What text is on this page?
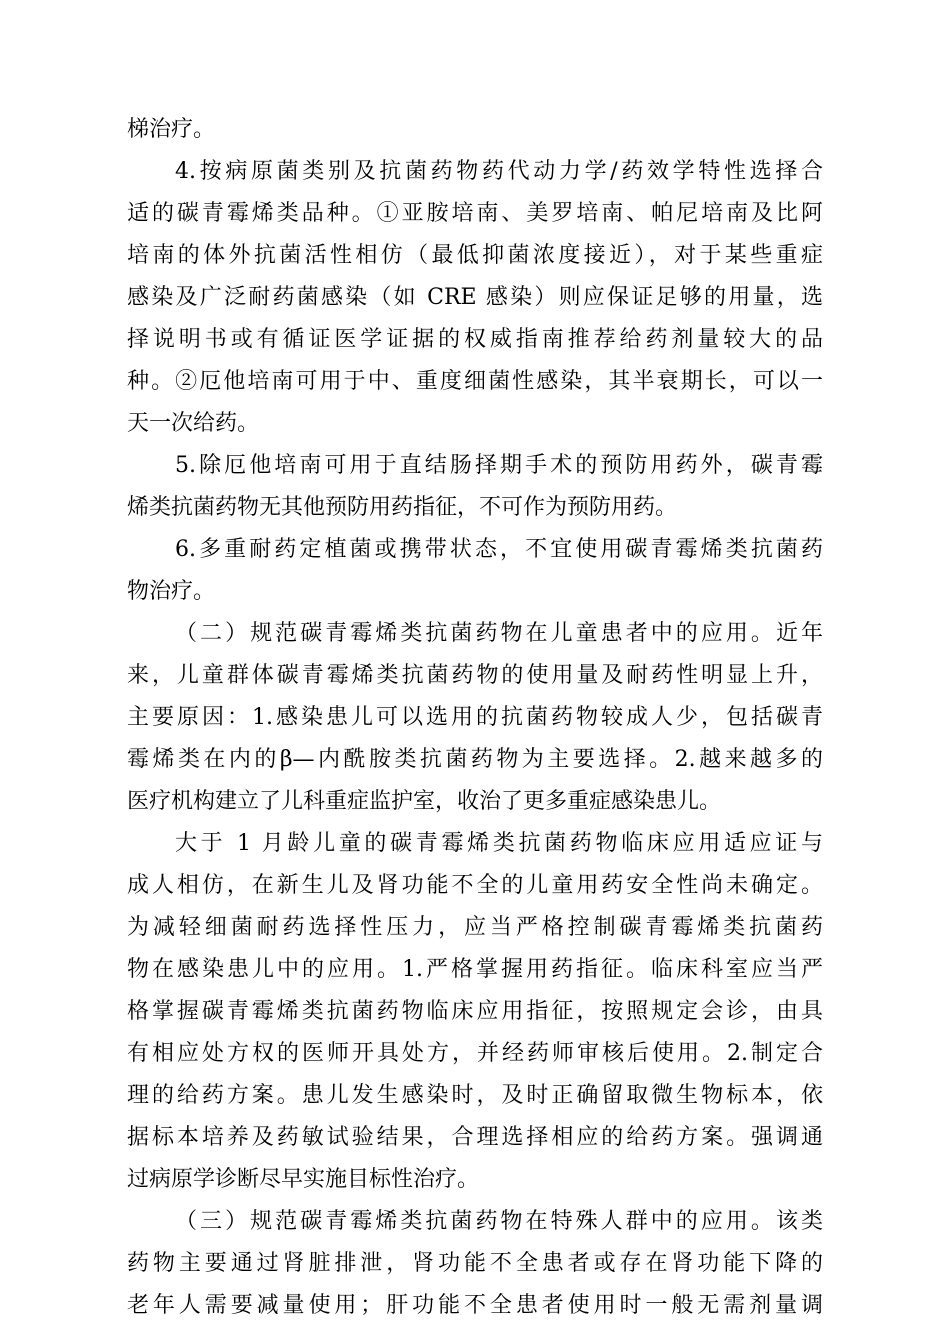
梯治疗。
4.按病原菌类别及抗菌药物药代动力学/药效学特性选择合
适的碳青霉烯类品种。①亚胺培南、美罗培南、帕尼培南及比阿
培南的体外抗菌活性相仿（最低抑菌浓度接近），对于某些重症
感染及广泛耐药菌感染（如 CRE 感染）则应保证足够的用量，选
择说明书或有循证医学证据的权威指南推荐给药剂量较大的品
种。②厄他培南可用于中、重度细菌性感染，其半衰期长，可以一
天一次给药。
5.除厄他培南可用于直结肠择期手术的预防用药外，碳青霉
烯类抗菌药物无其他预防用药指征，不可作为预防用药。
6.多重耐药定植菌或携带状态，不宜使用碳青霉烯类抗菌药
物治疗。
（二）规范碳青霉烯类抗菌药物在儿童患者中的应用。近年
来，儿童群体碳青霉烯类抗菌药物的使用量及耐药性明显上升，
主要原因：1.感染患儿可以选用的抗菌药物较成人少，包括碳青
霉烯类在内的β—内酰胺类抗菌药物为主要选择。2.越来越多的
医疗机构建立了儿科重症监护室，收治了更多重症感染患儿。
大于 1 月龄儿童的碳青霉烯类抗菌药物临床应用适应证与
成人相仿，在新生儿及肾功能不全的儿童用药安全性尚未确定。
为减轻细菌耐药选择性压力，应当严格控制碳青霉烯类抗菌药
物在感染患儿中的应用。1.严格掌握用药指征。临床科室应当严
格掌握碳青霉烯类抗菌药物临床应用指征，按照规定会诊，由具
有相应处方权的医师开具处方，并经药师审核后使用。2.制定合
理的给药方案。患儿发生感染时，及时正确留取微生物标本，依
据标本培养及药敏试验结果，合理选择相应的给药方案。强调通
过病原学诊断尽早实施目标性治疗。
（三）规范碳青霉烯类抗菌药物在特殊人群中的应用。该类
药物主要通过肾脏排泄，肾功能不全患者或存在肾功能下降的
老年人需要减量使用；肝功能不全患者使用时一般无需剂量调
